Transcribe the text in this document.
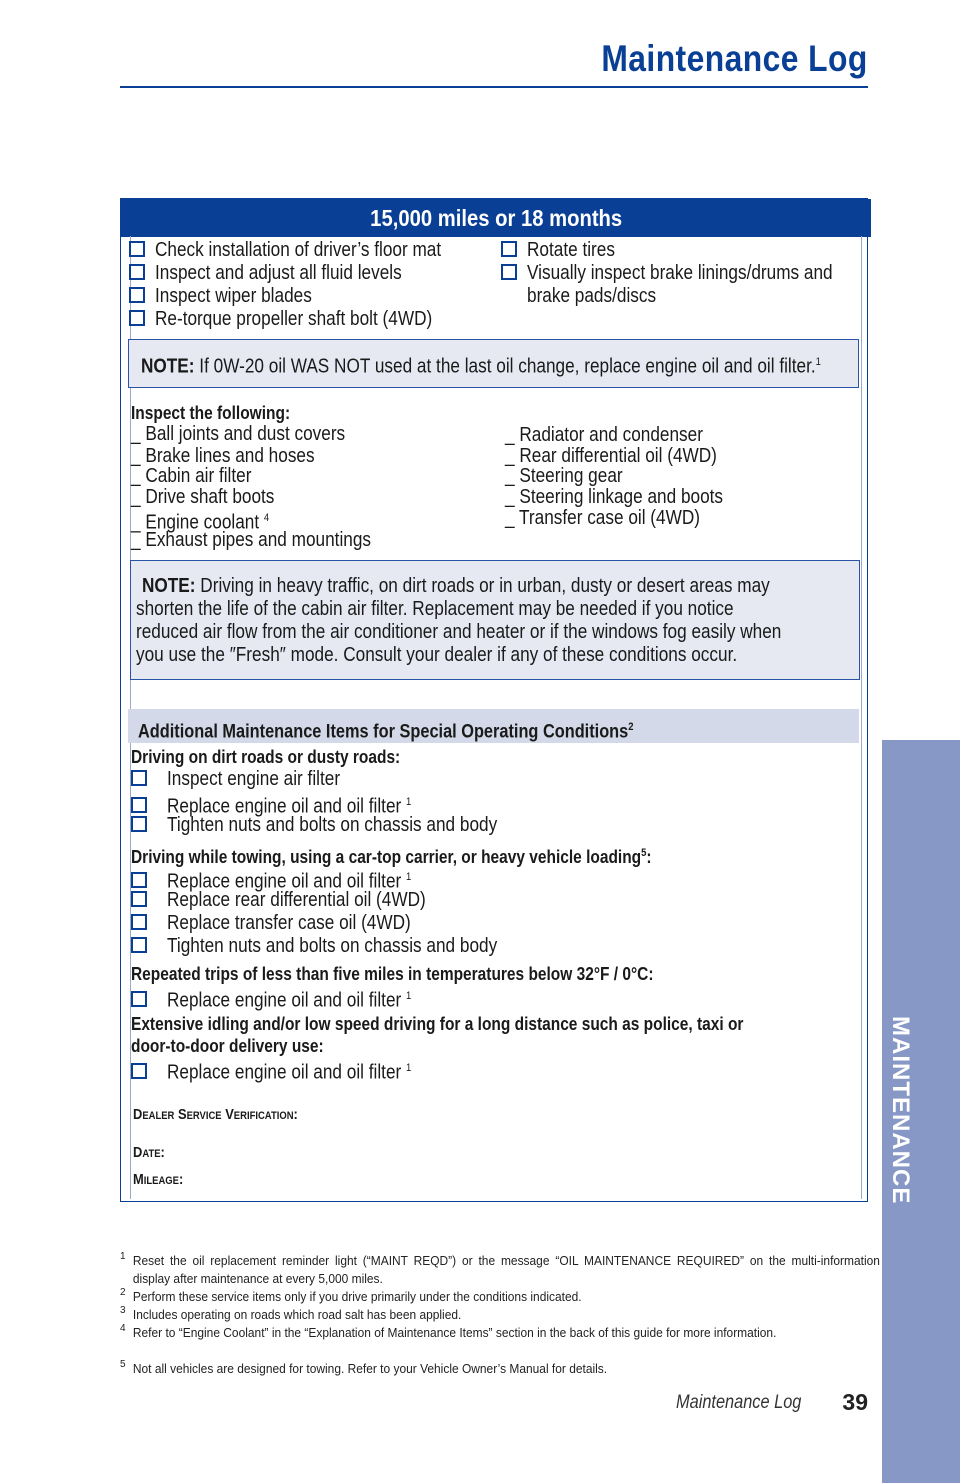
Maintenance Log
15,000 miles or 18 months
Check installation of driver’s floor mat
Inspect and adjust all fluid levels
Inspect wiper blades
Re-torque propeller shaft bolt (4WD)
Rotate tires
Visually inspect brake linings/drums and
brake pads/discs
NOTE: If 0W-20 oil WAS NOT used at the last oil change, replace engine oil and oil filter.$^1$
Inspect the following:
_ Ball joints and dust covers

_ Brake lines and hoses
_ Cabin air filter
_ Drive shaft boots
_ Engine coolant $^4$
_ Exhaust pipes and mountings
_ Radiator and condenser
_ Rear differential oil (4WD)
_ Steering gear
_ Steering linkage and boots
_ Transfer case oil (4WD)
NOTE: Driving in heavy traffic, on dirt roads or in urban, dusty or desert areas may
shorten the life of the cabin air filter. Replacement may be needed if you notice
reduced air flow from the air conditioner and heater or if the windows fog easily when
you use the ″Fresh″ mode. Consult your dealer if any of these conditions occur.
Additional Maintenance Items for Special Operating Conditions$^2$
Driving on dirt roads or dusty roads:
Inspect engine air filter
Replace engine oil and oil filter $^1$
Tighten nuts and bolts on chassis and body
Driving while towing, using a car-top carrier, or heavy vehicle loading$^5$:
Replace engine oil and oil filter $^1$
Replace rear differential oil (4WD)
Replace transfer case oil (4WD)
Tighten nuts and bolts on chassis and body
Repeated trips of less than five miles in temperatures below 32°F / 0°C:
Replace engine oil and oil filter $^1$
Extensive idling and/or low speed driving for a long distance such as police, taxi or
door-to-door delivery use:
Replace engine oil and oil filter $^1$
Dealer Service Verification:
Date:
Mileage:
1 Reset the oil replacement reminder light (“MAINT REQD”) or the message “OIL MAINTENANCE REQUIRED” on the multi-information display after maintenance at every 5,000 miles.
2 Perform these service items only if you drive primarily under the conditions indicated.
3 Includes operating on roads which road salt has been applied.
4 Refer to “Engine Coolant” in the “Explanation of Maintenance Items” section in the back of this guide for more information.
5 Not all vehicles are designed for towing. Refer to your Vehicle Owner’s Manual for details.
MAINTENANCE
Maintenance Log	39
